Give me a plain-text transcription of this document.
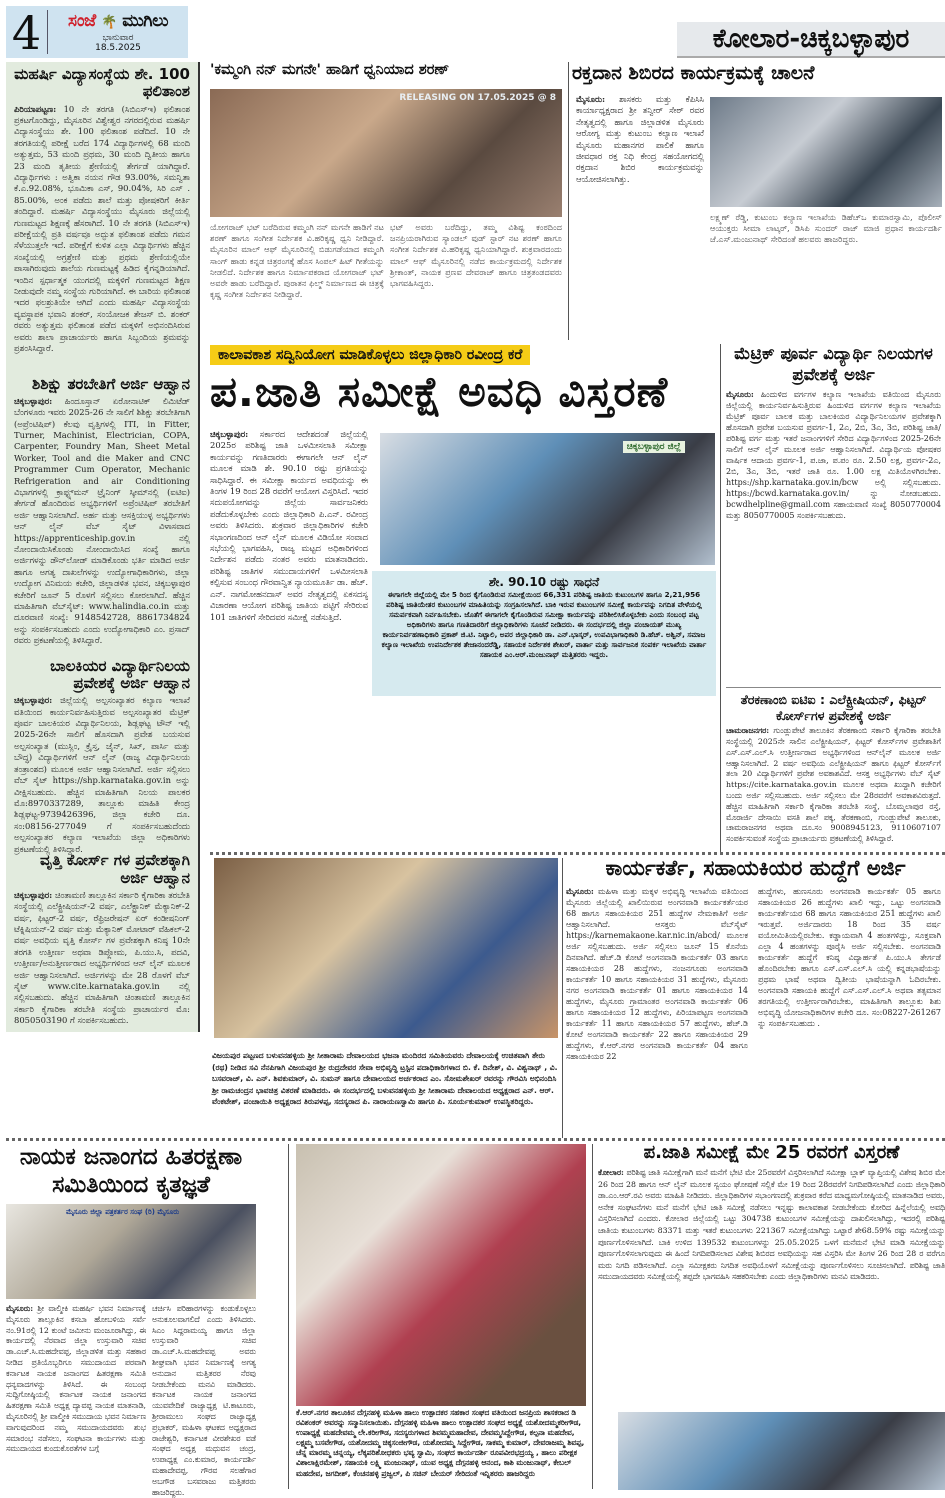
4	ಸಂಜೆ 🌴 ಮುಗಿಲು
ಭಾನುವಾರ
18.5.2025	ಕೋಲಾರ-ಚಿಕ್ಕಬಳ್ಳಾಪುರ
ಮಹರ್ಷಿ ವಿದ್ಯಾಸಂಸ್ಥೆಯ ಶೇ. 100 ಫಲಿತಾಂಶ
ಪಿರಿಯಾಪಟ್ಟಣ: 10 ನೇ ತರಗತಿ (ಸಿಬಿಎಸ್‌ಇ) ಫಲಿತಾಂಶ ಪ್ರಕಟಗೊಂಡಿದ್ದು, ಮೈಸೂರಿನ ವಿಶ್ವೇಶ್ವರ ನಗರದಲ್ಲಿರುವ ಮಹರ್ಷಿ ವಿದ್ಯಾಸಂಸ್ಥೆಯು ಶೇ. 100 ಫಲಿತಾಂಶ ಪಡೆದಿದೆ. 10 ನೇ ತರಗತಿಯಲ್ಲಿ ಪರೀಕ್ಷೆ ಬರೆದ 174 ವಿದ್ಯಾರ್ಥಿಗಳಲ್ಲಿ 68 ಮಂದಿ ಅತ್ಯುತ್ತಮ, 53 ಮಂದಿ ಪ್ರಥಮ, 30 ಮಂದಿ ದ್ವಿತೀಯ ಹಾಗೂ 23 ಮಂದಿ ತೃತೀಯ ಶ್ರೇಣಿಯಲ್ಲಿ ತೇರ್ಗಡೆ ಯಾಗಿದ್ದಾರೆ. ವಿದ್ಯಾರ್ಥಿಗಳು : ಅತ್ವಿಕಾ ನಯನ ಗೌಡ 93.00%, ಸಮನ್ವಿತಾ ಕೆ.ಎ.92.08%, ಭೂಮಿಕಾ ಎಸ್, 90.04%, ಸಿರಿ ಎಸ್ . 85.00%, ಅಂಕ ಪಡೆದು ಶಾಲೆ ಮತ್ತು ಪೋಷಕರಿಗೆ ಕೀರ್ತಿ ತಂದಿದ್ದಾರೆ. ಮಹರ್ಷಿ ವಿದ್ಯಾಸಂಸ್ಥೆಯು ಮೈಸೂರು ಜಿಲ್ಲೆಯಲ್ಲಿ ಗುಣಮಟ್ಟದ ಶಿಕ್ಷಣಕ್ಕೆ ಹೆಸರಾಗಿದೆ. 10 ನೇ ತರಗತಿ (ಸಿಬಿಎಸ್‌ಇ) ಪರೀಕ್ಷೆಯಲ್ಲಿ ಪ್ರತಿ ವರ್ಷವೂ ಅದ್ಭುತ ಫಲಿತಾಂಶ ಪಡೆದು ಗಮನ ಸೆಳೆಯುತ್ತಲೇ ಇದೆ. ಪರೀಕ್ಷೆಗೆ ಕುಳಿತ ಎಲ್ಲಾ ವಿದ್ಯಾರ್ಥಿಗಳು ಹೆಚ್ಚಿನ ಸಂಖ್ಯೆಯಲ್ಲಿ ಅಗ್ರಶ್ರೇಣಿ ಮತ್ತು ಪ್ರಥಮ ಶ್ರೇಣಿಯಲ್ಲಿಯೇ ಪಾಸಾಗಿರುವುದು ಶಾಲೆಯ ಗುಣಮಟ್ಟಕ್ಕೆ ಹಿಡಿದ ಕೈಗನ್ನಡಿಯಾಗಿದೆ. ಇಂದಿನ ಸ್ಪರ್ಧಾತ್ಮಕ ಯುಗದಲ್ಲಿ ಮಕ್ಕಳಿಗೆ ಗುಣಮಟ್ಟದ ಶಿಕ್ಷಣ ನೀಡುವುದೇ ನಮ್ಮ ಸಂಸ್ಥೆಯ ಗುರಿಯಾಗಿದೆ. ಈ ಬಾರಿಯ ಫಲಿತಾಂಶ ಇದರ ಫಲಶ್ರುತಿಯೇ ಆಗಿದೆ ಎಂದು ಮಹರ್ಷಿ ವಿದ್ಯಾಸಂಸ್ಥೆಯ ವ್ಯವಸ್ಥಾಪಕ ಭವಾನಿ ಶಂಕರ್, ಸಂಯೋಜಕ ತೇಜಸ್ ಬಿ. ಶಂಕರ್ ರವರು ಅತ್ಯುತ್ತಮ ಫಲಿತಾಂಶ ಪಡೆದ ಮಕ್ಕಳಿಗೆ ಅಭಿನಂದಿಸಿರುವ ಅವರು ಶಾಲಾ ಪ್ರಾಚಾರ್ಯರು ಹಾಗೂ ಸಿಬ್ಬಂದಿಯ ಶ್ರಮವನ್ನು ಪ್ರಶಂಸಿಸಿದ್ದಾರೆ.
ಶಿಶಿಕ್ಷು ತರಬೇತಿಗೆ ಅರ್ಜಿ ಆಹ್ವಾನ
ಚಿಕ್ಕಬಳ್ಳಾಪುರ: ಹಿಂದೂಸ್ತಾನ್ ಏರೋನಾಟಿಕ್ ಲಿಮಿಟೆಡ್ ಬೆಂಗಳೂರು ಇವರು 2025-26 ನೇ ಸಾಲಿಗೆ ಶಿಶಿಕ್ಷು ತರಬೇತಿಗಾಗಿ (ಅಪ್ರೆಂಟಿಷಿಪ್) ಕೆಲವು ವೃತ್ತಿಗಳಲ್ಲಿ ITI, in Fitter, Turner, Machinist, Electrician, COPA, Carpenter, Foundry Man, Sheet Metal Worker, Tool and die Maker and CNC Programmer Cum Operator, Mechanic Refrigeration and air Conditioning ವಿಭಾಗಗಳಲ್ಲಿ ಕ್ರಾಫ್ಟ್ಸ್‌ಮನ್ ಟ್ರೈನಿಂಗ್ ಸ್ಕೀಮ್‌ನಲ್ಲಿ (ಐಟಿಐ) ತೇರ್ಗಡೆ ಹೊಂದಿರುವ ಅಭ್ಯರ್ಥಿಗಳಿಗೆ ಅಪ್ರೆಂಟಿಷಿಪ್ ತರಬೇತಿಗೆ ಅರ್ಜಿ ಆಹ್ವಾನಿಸಲಾಗಿದೆ. ಅರ್ಹ ಮತ್ತು ಆಸಕ್ತಿಯುಳ್ಳ ಅಭ್ಯರ್ಥಿಗಳು ಆನ್ ಲೈನ್ ವೆಬ್ ಸೈಟ್ ವಿಳಾಸವಾದ https://apprenticeship.gov.in ನಲ್ಲಿ ನೋಂದಾಯಿಸಿಕೊಂಡು ನೋಂದಾಯಿಸಿದ ಸಂಖ್ಯೆ ಹಾಗೂ ಅರ್ಜಿಗಳನ್ನು ಡೌನ್‌ಲೋಡ್ ಮಾಡಿಕೊಂಡು ಭರ್ತಿ ಮಾಡಿದ ಅರ್ಜಿ ಹಾಗೂ ಅಗತ್ಯ ದಾಖಲೆಗಳನ್ನು ಉದ್ಯೋಗಾಧಿಕಾರಿಗಳು, ಜಿಲ್ಲಾ ಉದ್ಯೋಗ ವಿನಿಮಯ ಕಚೇರಿ, ಜಿಲ್ಲಾಡಳಿತ ಭವನ, ಚಿಕ್ಕಬಳ್ಳಾಪುರ ಕಚೇರಿಗೆ ಜೂನ್ 5 ರೊಳಗೆ ಸಲ್ಲಿಸಲು ಕೋರಲಾಗಿದೆ. ಹೆಚ್ಚಿನ ಮಾಹಿತಿಗಾಗಿ ವೆಬ್‌ಸೈಟ್: www.halindia.co.in ಮತ್ತು ದೂರವಾಣಿ ಸಂಖ್ಯೆ: 9148542728, 8861734824 ಅನ್ನು ಸಂಪರ್ಕಿಸಬಹುದು ಎಂದು ಉದ್ಯೋಗಾಧಿಕಾರಿ ಎಂ. ಪ್ರಸಾದ್ ರವರು ಪ್ರಕಟಣೆಯಲ್ಲಿ ತಿಳಿಸಿದ್ದಾರೆ.
ಬಾಲಕಿಯರ ವಿದ್ಯಾರ್ಥಿನಿಲಯ ಪ್ರವೇಶಕ್ಕೆ ಅರ್ಜಿ ಆಹ್ವಾನ
ಚಿಕ್ಕಬಳ್ಳಾಪುರ: ಜಿಲ್ಲೆಯಲ್ಲಿ ಅಲ್ಪಸಂಖ್ಯಾತರ ಕಲ್ಯಾಣ ಇಲಾಖೆ ವತಿಯಿಂದ ಕಾರ್ಯನಿರ್ವಹಿಸುತ್ತಿರುವ ಅಲ್ಪಸಂಖ್ಯಾತರ ಮೆಟ್ರಿಕ್ ಪೂರ್ವ ಬಾಲಕಿಯರ ವಿದ್ಯಾರ್ಥಿನಿಲಯ, ಶಿಡ್ಲಘಟ್ಟ ಟೌನ್ ಇಲ್ಲಿ 2025-26ನೇ ಸಾಲಿಗೆ ಹೊಸದಾಗಿ ಪ್ರವೇಶ ಬಯಸುವ ಅಲ್ಪಸಂಖ್ಯಾತ (ಮುಸ್ಲಿಂ, ಕ್ರೈಸ್ತ, ಜೈನ್, ಸಿಖ್, ಪಾರ್ಸಿ ಮತ್ತು ಬೌದ್ಧ) ವಿದ್ಯಾರ್ಥಿಗಳಿಗೆ ಆನ್ ಲೈನ್ (ರಾಜ್ಯ ವಿದ್ಯಾರ್ಥಿನಿಲಯ ತಂತ್ರಾಂಶದ) ಮೂಲಕ ಅರ್ಜಿ ಆಹ್ವಾನಿಸಲಾಗಿದೆ. ಅರ್ಜಿ ಸಲ್ಲಿಸಲು ವೆಬ್ ಸೈಟ್ https://shp.karnataka.gov.in ಅನ್ನು ವೀಕ್ಷಿಸಬಹುದು. ಹೆಚ್ಚಿನ ಮಾಹಿತಿಗಾಗಿ ನಿಲಯ ಪಾಲಕರ ಮೊ:8970337289, ತಾಲ್ಲೂಕು ಮಾಹಿತಿ ಕೇಂದ್ರ ಶಿಡ್ಲಘಟ್ಟ-9739426396, ಜಿಲ್ಲಾ ಕಚೇರಿ ದೂ. ಸಂ:08156-277049 ಗೆ ಸಂಪರ್ಕಿಸಬಹುದೆಂದು ಅಲ್ಪಸಂಖ್ಯಾತರ ಕಲ್ಯಾಣ ಇಲಾಖೆಯ ಜಿಲ್ಲಾ ಅಧಿಕಾರಿಗಳು ಪ್ರಕಟಣೆಯಲ್ಲಿ ತಿಳಿಸಿದ್ದಾರೆ.
ವೃತ್ತಿ ಕೋರ್ಸ್ ಗಳ ಪ್ರವೇಶಕ್ಕಾಗಿ ಅರ್ಜಿ ಆಹ್ವಾನ
ಚಿಕ್ಕಬಳ್ಳಾಪುರ: ಚಿಂತಾಮಣಿ ತಾಲ್ಲೂಕಿನ ಸರ್ಕಾರಿ ಕೈಗಾರಿಕಾ ತರಬೇತಿ ಸಂಸ್ಥೆಯಲ್ಲಿ ಎಲೆಕ್ಟ್ರೀಷಿಯನ್-2 ವರ್ಷ, ಎಲೆಕ್ಟ್ರಾನಿಕ್ ಮೆಕ್ಯಾನಿಕ್-2 ವರ್ಷ, ಫಿಟ್ಟರ್-2 ವರ್ಷ, ರೆಫ್ರಿಜರೇಷನ್ ಏರ್ ಕಂಡೀಷನಿಂಗ್ ಟೆಕ್ನಿಷಿಯನ್-2 ವರ್ಷ ಮತ್ತು ಮೆಕ್ಯಾನಿಕ್ ಮೋಟಾರ್ ವೆಹಿಕಲ್-2 ವರ್ಷ ಅವಧಿಯ ವೃತ್ತಿ ಕೋರ್ಸ್ ಗಳ ಪ್ರವೇಶಕ್ಕಾಗಿ ಕನಿಷ್ಠ 10ನೇ ತರಗತಿ ಉತ್ತೀರ್ಣ ಅಥವಾ ಡಿಪ್ಲೋಮ, ಪಿ.ಯು.ಸಿ, ಪದವಿ, ಉತ್ತೀರ್ಣ/ಅನುತ್ತೀರ್ಣರಾದ ಅಭ್ಯರ್ಥಿಗಳಿಂದ ಆನ್ ಲೈನ್ ಮೂಲಕ ಅರ್ಜಿ ಆಹ್ವಾನಿಸಲಾಗಿದೆ. ಅರ್ಜಿಗಳನ್ನು ಮೇ 28 ರೊಳಗೆ ವೆಬ್ ಸೈಟ್ www.cite.karnataka.gov.in ನಲ್ಲಿ ಸಲ್ಲಿಸಬಹುದು. ಹೆಚ್ಚಿನ ಮಾಹಿತಿಗಾಗಿ ಚಿಂತಾಮಣಿ ತಾಲ್ಲೂಕಿನ ಸರ್ಕಾರಿ ಕೈಗಾರಿಕಾ ತರಬೇತಿ ಸಂಸ್ಥೆಯ ಪ್ರಾಚಾರ್ಯರ ಮೊ: 8050503190 ಗೆ ಸಂಪರ್ಕಿಸಬಹುದು.
'ಕಮ್ಮಂಗಿ ನನ್ ಮಗನೇ' ಹಾಡಿಗೆ ಧ್ವನಿಯಾದ ಶರಣ್
RELEASING ON 17.05.2025 @ 8
ಯೋಗರಾಜ್ ಭಟ್ ಬರೆದಿರುವ ಕಮ್ಮಂಗಿ ನನ್ ಮಗನೇ ಹಾಡಿಗೆ ನಟ ಶರಣ್ ಹಾಗೂ ಸಂಗೀತ ನಿರ್ದೇಶಕ ವಿ.ಹರಿಕೃಷ್ಣ ಧ್ವನಿ ನೀಡಿದ್ದಾರೆ. ಮೈಸೂರಿನ ಮಾಲ್ ಆಫ್ ಮೈಸೂರಿನಲ್ಲಿ ಬಿಡುಗಡೆಯಾದ ಕಮ್ಮಂಗಿ ಸಾಂಗ್ ಹಾಡು ಕನ್ನಡ ಚಿತ್ರರಂಗಕ್ಕೆ ಹೊಸ ಸಿಂಪಲ್ ಹಿಟ್ ಗೀತೆಯನ್ನು ನೀಡಲಿದೆ. ನಿರ್ದೇಶಕ ಹಾಗೂ ನಿರ್ಮಾಪಕರಾದ ಯೋಗರಾಜ್ ಭಟ್ ಅವರೇ ಹಾಡು ಬರೆದಿದ್ದಾರೆ. ಪುರಾತನ ಫಿಲ್ಮ್ ನಿರ್ಮಾಣದ ಈ ಚಿತ್ರಕ್ಕೆ ಕೃಷ್ಣ ಸಂಗೀತ ನಿರ್ದೇಶನ ನೀಡಿದ್ದಾರೆ.
ಭಟ್ ಅವರು ಬರೆದಿದ್ದು, ತಮ್ಮ ವಿಶಿಷ್ಟ ಕಂಠದಿಂದ ಜನಪ್ರಿಯರಾಗಿರುವ ಸ್ಯಾಂಡಲ್ ವುಡ್ ಸ್ಟಾರ್ ನಟ ಶರಣ್ ಹಾಗೂ ಸಂಗೀತ ನಿರ್ದೇಶಕ ವಿ.ಹರಿಕೃಷ್ಣ ಧ್ವನಿಯಾಗಿದ್ದಾರೆ. ಶುಕ್ರವಾರದಂದು ಮಾಲ್ ಆಫ್ ಮೈಸೂರಿನಲ್ಲಿ ನಡೆದ ಕಾರ್ಯಕ್ರಮದಲ್ಲಿ ನಿರ್ದೇಶಕ ಶ್ರೀಕಾಂತ್, ನಾಯಕ ಪ್ರಣವ ದೇವರಾಜ್ ಹಾಗೂ ಚಿತ್ರತಂಡದವರು ಭಾಗವಹಿಸಿದ್ದರು.
ರಕ್ತದಾನ ಶಿಬಿರದ ಕಾರ್ಯಕ್ರಮಕ್ಕೆ ಚಾಲನೆ
ಮೈಸೂರು: ಶಾಸಕರು ಮತ್ತು ಕೆಪಿಸಿಸಿ ಕಾರ್ಯಾಧ್ಯಕ್ಷರಾದ ಶ್ರೀ ತನ್ವೀರ್ ಸೇಠ್ ರವರ ನೇತೃತ್ವದಲ್ಲಿ ಹಾಗೂ ಜಿಲ್ಲಾಡಳಿತ ಮೈಸೂರು ಆರೋಗ್ಯ ಮತ್ತು ಕುಟುಂಬ ಕಲ್ಯಾಣ ಇಲಾಖೆ ಮೈಸೂರು ಮಹಾನಗರ ಪಾಲಿಕೆ ಹಾಗೂ ಜೀವಧಾರ ರಕ್ತ ನಿಧಿ ಕೇಂದ್ರ ಸಹಯೋಗದಲ್ಲಿ ರಕ್ತದಾನ ಶಿಬಿರ ಕಾರ್ಯಕ್ರಮವನ್ನು ಆಯೋಜಿಸಲಾಗಿತ್ತು.
ಲಕ್ಷ್ಮಣ್ ರೆಡ್ಡಿ, ಕುಟುಂಬ ಕಲ್ಯಾಣ ಇಲಾಖೆಯ ಡಿಹೆಚ್‌ಒ ಕುಮಾರಸ್ವಾಮಿ, ಪೊಲೀಸ್ ಆಯುಕ್ತರು ಸೀಮಾ ಲಾಟ್ಕರ್, ಡಿಸಿಪಿ ಸುಂದರ್ ರಾಜ್ ಮಾಜಿ ಪ್ರಧಾನ ಕಾರ್ಯದರ್ಶಿ ಜೆ.ಎಸ್.ಮಂಜುನಾಥ್ ಸೇರಿದಂತೆ ಹಲವರು ಹಾಜರಿದ್ದರು.
ಕಾಲಾವಕಾಶ ಸದ್ವಿನಿಯೋಗ ಮಾಡಿಕೊಳ್ಳಲು ಜಿಲ್ಲಾಧಿಕಾರಿ ರವೀಂದ್ರ ಕರೆ
ಪ.ಜಾತಿ ಸಮೀಕ್ಷೆ ಅವಧಿ ವಿಸ್ತರಣೆ
ಚಿಕ್ಕಬಳ್ಳಾಪುರ: ಸರ್ಕಾರದ ಆದೇಶದಂತೆ ಜಿಲ್ಲೆಯಲ್ಲಿ 2025ರ ಪರಿಶಿಷ್ಟ ಜಾತಿ ಒಳಮೀಸಲಾತಿ ಸಮೀಕ್ಷಾ ಕಾರ್ಯವನ್ನು ಗಣತಿದಾರರು ಈಗಾಗಲೇ ಆನ್ ಲೈನ್ ಮೂಲಕ ಮಾಡಿ ಶೇ. 90.10 ರಷ್ಟು ಪ್ರಗತಿಯನ್ನು ಸಾಧಿಸಿದ್ದಾರೆ. ಈ ಸಮೀಕ್ಷಾ ಕಾರ್ಯದ ಅವಧಿಯನ್ನು ಈ ತಿಂಗಳ 19 ರಿಂದ 28 ರವರೆಗೆ ಆಯೋಗ ವಿಸ್ತರಿಸಿದೆ. ಇದರ ಸದುಪಯೋಗವನ್ನು ಜಿಲ್ಲೆಯ ಸಾರ್ವಜನಿಕರು ಪಡೆದುಕೊಳ್ಳಬೇಕು ಎಂದು ಜಿಲ್ಲಾಧಿಕಾರಿ ಪಿ.ಎನ್. ರವೀಂದ್ರ ಅವರು ತಿಳಿಸಿದರು. ಶುಕ್ರವಾರ ಜಿಲ್ಲಾಧಿಕಾರಿಗಳ ಕಚೇರಿ ಸಭಾಂಗಣದಿಂದ ಆನ್ ಲೈನ್ ಮೂಲಕ ವಿಡಿಯೋ ಸಂವಾದ ಸಭೆಯಲ್ಲಿ ಭಾಗವಹಿಸಿ, ರಾಜ್ಯ ಮಟ್ಟದ ಅಧಿಕಾರಿಗಳಿಂದ ನಿರ್ದೇಶನ ಪಡೆದು ನಂತರ ಅವರು ಮಾತನಾಡಿದರು. ಪರಿಶಿಷ್ಟ ಜಾತಿಗಳ ಸಮುದಾಯಗಳಿಗೆ ಒಳಮೀಸಲಾತಿ ಕಲ್ಪಿಸುವ ಸಂಬಂಧ ಗೌರವಾನ್ವಿತ ನ್ಯಾಯಮೂರ್ತಿ ಡಾ. ಹೆಚ್. ಎನ್. ನಾಗಮೋಹನದಾಸ್ ಅವರ ನೇತೃತ್ವದಲ್ಲಿ ಏಕಸದಸ್ಯ ವಿಚಾರಣಾ ಆಯೋಗ ಪರಿಶಿಷ್ಟ ಜಾತಿಯ ಪಟ್ಟಿಗೆ ಸೇರಿರುವ 101 ಜಾತಿಗಳಿಗೆ ಸೇರಿದವರ ಸಮೀಕ್ಷೆ ನಡೆಸುತ್ತಿದೆ.
ಚಿಕ್ಕಬಳ್ಳಾಪುರ ಜಿಲ್ಲೆ
ಶೇ. 90.10 ರಷ್ಟು ಸಾಧನೆ
ಈಗಾಗಲೇ ಜಿಲ್ಲೆಯಲ್ಲಿ ಮೇ 5 ರಿಂದ ಕೈಗೊಂಡಿರುವ ಸಮೀಕ್ಷೆಯಿಂದ 66,331 ಪರಿಶಿಷ್ಟ ಜಾತಿಯ ಕುಟುಂಬಗಳ ಹಾಗೂ 2,21,956 ಪರಿಶಿಷ್ಟ ಜಾತಿಯೇತರ ಕುಟುಂಬಗಳ ಮಾಹಿತಿಯನ್ನು ಸಂಗ್ರಹಿಸಲಾಗಿದೆ. ಬಾಕಿ ಇರುವ ಕುಟುಂಬಗಳ ಸಮೀಕ್ಷೆ ಕಾರ್ಯವನ್ನು ನಿಗದಿತ ವೇಳೆಯಲ್ಲಿ ಸಮರ್ಪಕವಾಗಿ ನಿರ್ವಹಿಸಬೇಕು. ಜೊತೆಗೆ ಈಗಾಗಲೇ ಕೈಗೊಂಡಿರುವ ಸಮೀಕ್ಷಾ ಕಾರ್ಯವನ್ನು ಪರಿಶೀಲಿಸಿಕೊಳ್ಳಬೇಕು ಎಂದು ಸಂಬಂಧ ಪಟ್ಟ ಅಧಿಕಾರಿಗಳು ಹಾಗೂ ಗಣತಿದಾರರಿಗೆ ಜಿಲ್ಲಾಧಿಕಾರಿಗಳು ಸೂಚನೆ ನೀಡಿದರು. ಈ ಸಂದರ್ಭದಲ್ಲಿ ಜಿಲ್ಲಾ ಪಂಚಾಯತ್ ಮುಖ್ಯ ಕಾರ್ಯನಿರ್ವಹಣಾಧಿಕಾರಿ ಪ್ರಕಾಶ್ ಜಿ.ಟಿ. ನಿಟ್ಟಾಲಿ, ಅಪರ ಜಿಲ್ಲಾಧಿಕಾರಿ ಡಾ. ಎನ್.ಭಾಸ್ಕರ್, ಉಪವಿಭಾಗಾಧಿಕಾರಿ ಡಿ.ಹೆಚ್. ಅಶ್ವಿನ್, ಸಮಾಜ ಕಲ್ಯಾಣ ಇಲಾಖೆಯ ಉಪನಿರ್ದೇಶಕ ತೇಜಾನಂದರೆಡ್ಡಿ, ಸಹಾಯಕ ನಿರ್ದೇಶಕ ಶೇಖರ್, ವಾರ್ತಾ ಮತ್ತು ಸಾರ್ವಜನಿಕ ಸಂಪರ್ಕ ಇಲಾಖೆಯ ವಾರ್ತಾ ಸಹಾಯಕ ಎಂ.ಆರ್.ಮಂಜುನಾಥ್ ಮತ್ತಿತರರು ಇದ್ದರು.
ಮೆಟ್ರಿಕ್ ಪೂರ್ವ ವಿದ್ಯಾರ್ಥಿ ನಿಲಯಗಳ ಪ್ರವೇಶಕ್ಕೆ ಅರ್ಜಿ
ಮೈಸೂರು: ಹಿಂದುಳಿದ ವರ್ಗಗಳ ಕಲ್ಯಾಣ ಇಲಾಖೆಯ ವತಿಯಿಂದ ಮೈಸೂರು ಜಿಲ್ಲೆಯಲ್ಲಿ ಕಾರ್ಯನಿರ್ವಹಿಸುತ್ತಿರುವ ಹಿಂದುಳಿದ ವರ್ಗಗಳ ಕಲ್ಯಾಣ ಇಲಾಖೆಯ ಮೆಟ್ರಿಕ್ ಪೂರ್ವ ಬಾಲಕ ಮತ್ತು ಬಾಲಕಿಯರ ವಿದ್ಯಾರ್ಥಿನಿಲಯಗಳ ಪ್ರವೇಶಕ್ಕಾಗಿ ಹೊಸದಾಗಿ ಪ್ರವೇಶ ಬಯಸುವ ಪ್ರವರ್ಗ-1, 2ಎ, 2ಬಿ, 3ಎ, 3ಬಿ, ಪರಿಶಿಷ್ಟ ಜಾತಿ/ಪರಿಶಿಷ್ಟ ವರ್ಗ ಮತ್ತು ಇತರೆ ಜನಾಂಗಗಳಿಗೆ ಸೇರಿದ ವಿದ್ಯಾರ್ಥಿಗಳಿಂದ 2025-26ನೇ ಸಾಲಿಗೆ ಆನ್ ಲೈನ್ ಮೂಲಕ ಅರ್ಜಿ ಆಹ್ವಾನಿಸಲಾಗಿದೆ. ವಿದ್ಯಾರ್ಥಿಯ ಪೋಷಕರ ವಾರ್ಷಿಕ ಆದಾಯ ಪ್ರವರ್ಗ-1, ಪ.ಜಾ, ಪ.ಪಂ ರೂ. 2.50 ಲಕ್ಷ, ಪ್ರವರ್ಗ-2ಎ, 2ಬಿ, 3ಎ, 3ಬಿ, ಇತರೆ ಜಾತಿ ರೂ. 1.00 ಲಕ್ಷ ಮಿತಿಯೊಳಗಿರಬೇಕು. https://shp.karnataka.gov.in/bcw ಅಲ್ಲಿ ಸಲ್ಲಿಸಬಹುದು. https://bcwd.karnataka.gov.in/ ನ್ನು ನೋಡಬಹುದು. bcwdhelpline@gmail.com ಸಹಾಯವಾಣಿ ಸಂಖ್ಯೆ 8050770004 ಮತ್ತು 8050770005 ಸಂಪರ್ಕಿಸಬಹುದು.
ತೆರಕಣಾಂಬಿ ಐಟಿಐ : ಎಲೆಕ್ಟ್ರೀಷಿಯನ್, ಫಿಟ್ಟರ್ ಕೋರ್ಸ್‌ಗಳ ಪ್ರವೇಶಕ್ಕೆ ಅರ್ಜಿ
ಚಾಮರಾಜನಗರ: ಗುಂಡ್ಲುಪೇಟೆ ತಾಲೂಕಿನ ತೆರಕಣಾಂಬಿ ಸರ್ಕಾರಿ ಕೈಗಾರಿಕಾ ತರಬೇತಿ ಸಂಸ್ಥೆಯಲ್ಲಿ 2025ನೇ ಸಾಲಿನ ಎಲೆಕ್ಟ್ರೀಷಿಯನ್, ಫಿಟ್ಟರ್ ಕೋರ್ಸ್‌ಗಳ ಪ್ರವೇಶಾತಿಗೆ ಎಸ್.ಎಸ್.ಎಲ್.ಸಿ ಉತ್ತೀರ್ಣರಾದ ಅಭ್ಯರ್ಥಿಗಳಿಂದ ಆನ್‌ಲೈನ್ ಮೂಲಕ ಅರ್ಜಿ ಆಹ್ವಾನಿಸಲಾಗಿದೆ. 2 ವರ್ಷ ಅವಧಿಯ ಎಲೆಕ್ಟ್ರೀಷಿಯನ್ ಹಾಗೂ ಫಿಟ್ಟರ್ ಕೋರ್ಸ್‌ಗೆ ತಲಾ 20 ವಿದ್ಯಾರ್ಥಿಗಳಿಗೆ ಪ್ರವೇಶ ಅವಕಾಶವಿದೆ. ಆಸಕ್ತ ಅಭ್ಯರ್ಥಿಗಳು ವೆಬ್ ಸೈಟ್ https://cite.karnataka.gov.in ಮೂಲಕ ಅಥವಾ ಖುದ್ದಾಗಿ ಕಚೇರಿಗೆ ಬಂದು ಅರ್ಜಿ ಸಲ್ಲಿಸಬಹುದು. ಅರ್ಜಿ ಸಲ್ಲಿಸಲು ಮೇ 28ರವರೆಗೆ ಅವಕಾಶವಿರುತ್ತದೆ. ಹೆಚ್ಚಿನ ಮಾಹಿತಿಗಾಗಿ ಸರ್ಕಾರಿ ಕೈಗಾರಿಕಾ ತರಬೇತಿ ಸಂಸ್ಥೆ, ಬೊಮ್ಮಲಾಪುರ ರಸ್ತೆ, ಮೊರಾರ್ಜಿ ದೇಸಾಯಿ ವಸತಿ ಶಾಲೆ ಪಕ್ಕ, ತೆರಕಣಾಂಬಿ, ಗುಂಡ್ಲುಪೇಟೆ ತಾಲೂಕು, ಚಾಮರಾಜನಗರ ಅಥವಾ ದೂ.ಸಂ 9008945123, 9110607107 ಸಂಪರ್ಕಿಸುವಂತೆ ಸಂಸ್ಥೆಯ ಪ್ರಾಚಾರ್ಯರು ಪ್ರಕಟಣೆಯಲ್ಲಿ ತಿಳಿಸಿದ್ದಾರೆ.
ವಿಜಯಪುರ ಪಟ್ಟಣದ ಬಳುವನಹಳ್ಳಿಯ ಶ್ರೀ ಸೀತಾರಾಮ ದೇವಾಲಯದ ಭಜನಾ ಮಂದಿರದ ಸಮಿತಿಯವರು ದೇವಾಲಯಕ್ಕೆ ಉಚಿತವಾಗಿ ತೇರು (ರಥ) ನೀಡಿದ ಸವಿ ನೆನಪಿಗಾಗಿ ವಿಜಯಪುರ ಶ್ರೀ ರುದ್ರದೇವರ ಸೇವಾ ಅಭಿವೃದ್ಧಿ ಟ್ರಸ್ಟಿನ ಪದಾಧಿಕಾರಿಗಳಾದ ಬಿ. ಕೆ. ದಿನೇಶ್, ವಿ. ವಿಶ್ವನಾಥ್ , ವಿ. ಬಸವರಾಜ್, ವಿ. ಎನ್. ಶಿವಕುಮಾರ್, ವಿ. ಸುಮನ್ ಹಾಗೂ ದೇವಾಲಯದ ಅರ್ಚಕರಾದ ಎಂ. ಸೋಮಶೇಖರ್ ರವರನ್ನು ಗೌರವಿಸಿ ಅಭಿನಂದಿಸಿ ಶ್ರೀ ರಾಮಚಂದ್ರನ ಭಾವಚಿತ್ರ ವಿತರಣೆ ಮಾಡಿದರು. ಈ ಸಂದರ್ಭದಲ್ಲಿ ಬಳುವನಹಳ್ಳಿಯ ಶ್ರೀ ಸೀತಾರಾಮ ದೇವಾಲಯದ ಅಧ್ಯಕ್ಷರಾದ ಎನ್. ಆರ್. ವೆಂಕಟೇಶ್, ಪಂಚಾಯಿತಿ ಅಧ್ಯಕ್ಷರಾದ ತಿರುಪಳಪ್ಪ, ಸದಸ್ಯರಾದ ಪಿ. ನಾರಾಯಣಸ್ವಾಮಿ ಹಾಗೂ ಪಿ. ಸೂರ್ಯಕುಮಾರ್ ಉಪಸ್ಥಿತರಿದ್ದರು.
ಕಾರ್ಯಕರ್ತೆ, ಸಹಾಯಕಿಯರ ಹುದ್ದೆಗೆ ಅರ್ಜಿ
ಮೈಸೂರು: ಮಹಿಳಾ ಮತ್ತು ಮಕ್ಕಳ ಅಭಿವೃದ್ಧಿ ಇಲಾಖೆಯ ವತಿಯಿಂದ ಮೈಸೂರು ಜಿಲ್ಲೆಯಲ್ಲಿ ಖಾಲಿಯಿರುವ ಅಂಗನವಾಡಿ ಕಾರ್ಯಕರ್ತೆಯರ 68 ಹಾಗೂ ಸಹಾಯಕಿಯರ 251 ಹುದ್ದೆಗಳ ನೇಮಕಾತಿಗೆ ಅರ್ಜಿ ಆಹ್ವಾನಿಸಲಾಗಿದೆ. ಆಸಕ್ತರು ವೆಬ್‌ಸೈಟ್ https://karnemakaone.kar.nic.in/abcd/ ಮೂಲಕ ಅರ್ಜಿ ಸಲ್ಲಿಸಬಹುದು. ಅರ್ಜಿ ಸಲ್ಲಿಸಲು ಜೂನ್ 15 ಕೊನೆಯ ದಿನವಾಗಿದೆ. ಹೆಚ್.ಡಿ ಕೋಟೆ ಅಂಗನವಾಡಿ ಕಾರ್ಯಕರ್ತೆ 03 ಹಾಗೂ ಸಹಾಯಕಿಯರ 28 ಹುದ್ದೆಗಳು, ನಂಜನಗೂಡು ಅಂಗನವಾಡಿ ಕಾರ್ಯಕರ್ತೆ 10 ಹಾಗೂ ಸಹಾಯಕಿಯರ 31 ಹುದ್ದೆಗಳು, ಮೈಸೂರು ನಗರ ಅಂಗನವಾಡಿ ಕಾರ್ಯಕರ್ತೆ 01 ಹಾಗೂ ಸಹಾಯಕಿಯರ 14 ಹುದ್ದೆಗಳು, ಮೈಸೂರು ಗ್ರಾಮಾಂತರ ಅಂಗನವಾಡಿ ಕಾರ್ಯಕರ್ತೆ 06 ಹಾಗೂ ಸಹಾಯಕಿಯರ 12 ಹುದ್ದೆಗಳು, ಪಿರಿಯಾಪಟ್ಟಣ ಅಂಗನವಾಡಿ ಕಾರ್ಯಕರ್ತೆ 11 ಹಾಗೂ ಸಹಾಯಕಿಯರ 57 ಹುದ್ದೆಗಳು, ಹೆಚ್.ಡಿ ಕೋಟೆ ಅಂಗನವಾಡಿ ಕಾರ್ಯಕರ್ತೆ 22 ಹಾಗೂ ಸಹಾಯಕಿಯರ 29 ಹುದ್ದೆಗಳು, ಕೆ.ಆರ್.ನಗರ ಅಂಗನವಾಡಿ ಕಾರ್ಯಕರ್ತೆ 04 ಹಾಗೂ ಸಹಾಯಕಿಯರ 22
ಹುದ್ದೆಗಳು, ಹುಣಸೂರು ಅಂಗನವಾಡಿ ಕಾರ್ಯಕರ್ತೆ 05 ಹಾಗೂ ಸಹಾಯಕಿಯರ 26 ಹುದ್ದೆಗಳು ಖಾಲಿ ಇದ್ದು, ಒಟ್ಟು ಅಂಗನವಾಡಿ ಕಾರ್ಯಕರ್ತೆಯರ 68 ಹಾಗೂ ಸಹಾಯಕಿಯರ 251 ಹುದ್ದೆಗಳು ಖಾಲಿ ಇರುತ್ತವೆ. ಅರ್ಜಿದಾರರು 18 ರಿಂದ 35 ವರ್ಷ ವಯೋಮಿತಿಯಲ್ಲಿರಬೇಕು. ಕಡ್ಡಾಯವಾಗಿ 4 ಹಂತಗಳಿದ್ದು, ಸೂಕ್ತವಾಗಿ ಎಲ್ಲಾ 4 ಹಂತಗಳನ್ನು ಪೂರೈಸಿ ಅರ್ಜಿ ಸಲ್ಲಿಸಬೇಕು. ಅಂಗನವಾಡಿ ಕಾರ್ಯಕರ್ತೆ ಹುದ್ದೆಗೆ ಕನಿಷ್ಠ ವಿದ್ಯಾರ್ಹತೆ ಪಿ.ಯು.ಸಿ ತೇರ್ಗಡೆ ಹೊಂದಿರಬೇಕು ಹಾಗೂ ಎಸ್.ಎಸ್.ಎಲ್.ಸಿ ಯಲ್ಲಿ ಕನ್ನಡಭಾಷೆಯನ್ನು ಪ್ರಥಮ ಭಾಷೆ ಅಥವಾ ದ್ವಿತೀಯ ಭಾಷೆಯನ್ನಾಗಿ ಓದಿರಬೇಕು. ಅಂಗನವಾಡಿ ಸಹಾಯಕಿ ಹುದ್ದೆಗೆ ಎಸ್.ಎಸ್.ಎಲ್.ಸಿ ಅಥವಾ ತತ್ಸಮಾನ ತರಗತಿಯಲ್ಲಿ ಉತ್ತೀರ್ಣರಾಗಿರಬೇಕು, ಮಾಹಿತಿಗಾಗಿ ತಾಲ್ಲೂಕು ಶಿಶು ಅಭಿವೃದ್ಧಿ ಯೋಜನಾಧಿಕಾರಿಗಳ ಕಚೇರಿ ದೂ. ಸಂ:08227-261267 ನ್ನು ಸಂಪರ್ಕಿಸಬಹುದು .
ನಾಯಕ ಜನಾಂಗದ ಹಿತರಕ್ಷಣಾ ಸಮಿತಿಯಿಂದ ಕೃತಜ್ಞತೆ
ಮೈಸೂರು ಜಿಲ್ಲಾ ಪತ್ರಕರ್ತರ ಸಂಘ (ರಿ) ಮೈಸೂರು
ಮೈಸೂರು: ಶ್ರೀ ವಾಲ್ಮೀಕಿ ಮಹರ್ಷಿ ಭವನ ನಿರ್ಮಾಣಕ್ಕೆ ಮೈಸೂರು ತಾಲ್ಲೂಕಿನ ಕಸಬಾ ಹೋಬಳಿಯ ಸರ್ವೆ ನಂ.91ರಲ್ಲಿ 12 ಕುಂಟೆ ಜಮೀನು ಮಂಜೂರಾಗಿದ್ದು, ಈ ಕಾರ್ಯದಲ್ಲಿ ನೆರವಾದ ಜಿಲ್ಲಾ ಉಸ್ತುವಾರಿ ಸಚಿವ ಡಾ.ಎಚ್.ಸಿ.ಮಹದೇವಪ್ಪ, ಜಿಲ್ಲಾಡಳಿತ ಮತ್ತು ಸಹಕಾರ ನೀಡಿದ ಪ್ರತಿಯೊಬ್ಬರಿಗೂ ಸಮುದಾಯದ ಪರವಾಗಿ ಕರ್ನಾಟಕ ನಾಯಕ ಜನಾಂಗದ ಹಿತರಕ್ಷಣಾ ಸಮಿತಿ ಧನ್ಯವಾದಗಳನ್ನು ತಿಳಿಸಿದೆ. ಈ ಸಂಬಂಧ ಸುದ್ದಿಗೋಷ್ಠಿಯಲ್ಲಿ ಕರ್ನಾಟಕ ನಾಯಕ ಜನಾಂಗದ ಹಿತರಕ್ಷಣಾ ಸಮಿತಿ ಅಧ್ಯಕ್ಷ ದ್ಯಾವಪ್ಪ ನಾಯಕ ಮಾತನಾಡಿ, ಮೈಸೂರಿನಲ್ಲಿ ಶ್ರೀ ವಾಲ್ಮೀಕಿ ಸಮುದಾಯ ಭವನ ನಿರ್ಮಾಣ ವಾಗುವುದರಿಂದ ನಮ್ಮ ಸಮುದಾಯದವರು ಶುಭ ಸಮಾರಂಭ ನಡೆಸಲು, ಸಂಘಟನಾ ಕಾರ್ಯಗಳು ಮತ್ತು ಸಮುದಾಯದ ಕುಂದುಕೊರತೆಗಳ ಬಗ್ಗೆ
ಚರ್ಚಿಸಿ ಪರಿಹಾರಗಳನ್ನು ಕಂಡುಕೊಳ್ಳಲು ಅನುಕೂಲವಾಗಲಿದೆ ಎಂದು ತಿಳಿಸಿದರು. ಸಿಎಂ ಸಿದ್ದರಾಮಯ್ಯ ಹಾಗೂ ಜಿಲ್ಲಾ ಉಸ್ತುವಾರಿ ಸಚಿವ ಡಾ.ಎಚ್.ಸಿ.ಮಹದೇವಪ್ಪ ಅವರು ಶೀಘ್ರವಾಗಿ ಭವನ ನಿರ್ಮಾಣಕ್ಕೆ ಅಗತ್ಯ ಅನುದಾನ ಮತ್ತಿತರರ ನೆರವು ನೀಡಬೇಕೆಂದು ಮನವಿ ಮಾಡಿದರು. ಕರ್ನಾಟಕ ನಾಯಕ ಜನಾಂಗದ ಯುವವೇದಿಕೆ ರಾಜ್ಯಾಧ್ಯಕ್ಷ ಟಿ.ಕಾಟೂರು, ಶ್ರೀರಾಮುಲು ಸಂಘದ ರಾಜ್ಯಾಧ್ಯಕ್ಷ ಪ್ರಭಾಕರ್, ಮಹಿಳಾ ಘಟಕದ ಅಧ್ಯಕ್ಷರಾದ ರಾಜೇಶ್ವರಿ, ಕರ್ನಾಟಕ ವೀರಶೇಖರ ವಡೆ ಸಂಘದ ಅಧ್ಯಕ್ಷ ಮಧುವನ ಚಂದ್ರ, ಉಪಾಧ್ಯಕ್ಷ ಎಂ.ಕುಮಾರ, ಕಾರ್ಯದರ್ಶಿ ಮಹಾದೇವಪ್ಪ, ಗೌರವ ಸಲಹೆಗಾರ ಅಬಗೌಡ ಬಸವರಾಜು ಮತ್ತಿತರರು ಹಾಜರಿದ್ದರು.
ಕೆ.ಆರ್.ನಗರ ತಾಲೂಕಿನ ದೆಗ್ಗನಹಳ್ಳಿ ಮಹಿಳಾ ಹಾಲು ಉತ್ಪಾದಕರ ಸಹಕಾರ ಸಂಘದ ವತಿಯಿಂದ ಜನಪ್ರಿಯ ಶಾಸಕರಾದ ಡಿ ರವಿಶಂಕರ್ ಅವರನ್ನು ಸನ್ಮಾನಿಸಲಾಯಿತು. ದೆಗ್ಗನಹಳ್ಳಿ ಮಹಿಳಾ ಹಾಲು ಉತ್ಪಾದಕರ ಸಂಘದ ಅಧ್ಯಕ್ಷೆ ಯಶೋದಮ್ಮಕರೀಗೌಡ, ಉಪಾಧ್ಯಕ್ಷೆ ಮಹದೇವಮ್ಮ ಲೇ.ಕರೀಗೌಡ, ಸದಸ್ಯರುಗಳಾದ ಶಿವಮ್ಮಮಹಾದೇವ, ದೇವಮ್ಮಸಿದ್ದೇಗೌಡ, ಕಲ್ಪನಾ ಮಹದೇವ, ಲಕ್ಷ್ಮಮ್ಮ ಬಸವೇಗೌಡ, ಯಶೋದಮ್ಮ ಚಿಕ್ಕಸಂಜೀಗೌಡ, ಯಶೋದಮ್ಮ ಸಿದ್ದೇಗೌಡ, ಸಾಕಮ್ಮ ಕುಮಾರ್, ದೇವರಾಜಮ್ಮ ಶಿವಪ್ಪ, ಚೆನ್ನ ಮಾರಮ್ಮ ಚನ್ನಯ್ಯ, ಲೆಕ್ಕಪರಿಶೋಧಕರು ಭವ್ಯ ಸ್ವಾಮಿ, ಸಂಘದ ಕಾರ್ಯದರ್ಶಿ ರೂಪವೀರಭದ್ರಯ್ಯ , ಹಾಲು ಪರೀಕ್ಷಕ ವಿಶಾಲಾಕ್ಷಿರಮೇಶ್, ಸಹಾಯಕಿ ಲಕ್ಷ್ಮಿ ಮಂಜುನಾಥ್, ಯುವ ಅಧ್ಯಕ್ಷ ದೆಗ್ಗನಹಳ್ಳಿ ಆನಂದ, ಕಾಶಿ ಮಂಜುನಾಥ್, ಕೇಬಲ್ ಮಹದೇವ, ಜಗದೀಶ್, ಕೆಂಚನಹಳ್ಳಿ ಪ್ರಜ್ವಲ್, ಪಿ ಸಚಿನ್ ಬೇಯರ್ ಸೇರಿದಂತೆ ಇನ್ನಿತರರು ಹಾಜರಿದ್ದರು
ಪ.ಜಾತಿ ಸಮೀಕ್ಷೆ ಮೇ 25 ರವರಗೆ ವಿಸ್ತರಣೆ
ಕೋಲಾರ: ಪರಿಶಿಷ್ಟ ಜಾತಿ ಸಮೀಕ್ಷೆಗಾಗಿ ಮನೆ ಮನೆಗೆ ಭೇಟಿ ಮೇ 25ರವರೆಗೆ ವಿಸ್ತರಿಸಲಾಗಿದೆ ಸಮೀಕ್ಷಾ ಬ್ಲಾಕ್ ವ್ಯಾಪ್ತಿಯಲ್ಲಿ ವಿಶೇಷ ಶಿಬಿರ ಮೇ 26 ರಿಂದ 28 ಹಾಗೂ ಆನ್ ಲೈನ್ ಮೂಲಕ ಸ್ವಯಂ ಘೋಷಣೆ ಸಲ್ಲಿಕೆ ಮೇ 19 ರಿಂದ 28ರವರೆಗೆ ನಿಗದಿಪಡಿಸಲಾಗಿದೆ ಎಂದು ಜಿಲ್ಲಾಧಿಕಾರಿ ಡಾ.ಎಂ.ಆರ್.ರವಿ ಅವರು ಮಾಹಿತಿ ನೀಡಿದರು. ಜಿಲ್ಲಾಧಿಕಾರಿಗಳ ಸಭಾಂಗಣದಲ್ಲಿ ಶುಕ್ರವಾರ ಕರೆದ ಮಾಧ್ಯಮಗೋಷ್ಠಿಯಲ್ಲಿ ಮಾತನಾಡಿದ ಅವರು, ಅನೇಕ ಸಂಘಟನೆಗಳು ಮನೆ ಮನೆಗೆ ಭೇಟಿ ಜಾತಿ ಸಮೀಕ್ಷೆ ನಡೆಸಲು ಇನ್ನಷ್ಟು ಕಾಲಾವಕಾಶ ನೀಡಬೇಕೆಂದು ಕೋರಿದ ಹಿನ್ನೆಲೆಯಲ್ಲಿ ಅವಧಿ ವಿಸ್ತರಿಸಲಾಗಿದೆ ಎಂದರು. ಕೋಲಾರ ಜಿಲ್ಲೆಯಲ್ಲಿ ಒಟ್ಟು 304738 ಕುಟುಂಬಗಳ ಸಮೀಕ್ಷೆಯನ್ನು ದಾಖಲಿಸಲಾಗಿದ್ದು, ಇದರಲ್ಲಿ ಪರಿಶಿಷ್ಟ ಜಾತಿಯ ಕುಟುಂಬಗಳು 83371 ಮತ್ತು ಇತರೆ ಕುಟುಂಬಗಳು 221367 ಸಮೀಕ್ಷೆಯಾಗಿದ್ದು ಒಟ್ಟಾರೆ ಶೇ68.59% ರಷ್ಟು ಸಮೀಕ್ಷೆಯನ್ನು ಪೂರ್ಣಗೊಳಿಸಲಾಗಿದೆ. ಬಾಕಿ ಉಳಿದ 139532 ಕುಟುಂಬಗಳನ್ನು 25.05.2025 ಒಳಗೆ ಮನೆಮನೆ ಭೇಟಿ ಮಾಡಿ ಸಮೀಕ್ಷೆಯನ್ನು ಪೂರ್ಣಗೊಳಿಸಲಾಗುವುದು ಈ ಹಿಂದೆ ನಿಗದಿಪಡಿಸಲಾದ ವಿಶೇಷ ಶಿಬಿರದ ಅವಧಿಯನ್ನು ಸಹ ವಿಸ್ತರಿಸಿ ಮೇ ತಿಂಗಳ 26 ರಿಂದ 28 ರ ವರೆಗೂ ಮರು ನಿಗದಿ ಪಡಿಸಲಾಗಿದೆ. ಎಲ್ಲಾ ಸಮೀಕ್ಷಕರು ನಿಗದಿತ ಅವಧಿಯೊಳಗೆ ಸಮೀಕ್ಷೆಯನ್ನು ಪೂರ್ಣಗೊಳಿಸಲು ಸೂಚಿಸಲಾಗಿದೆ. ಪರಿಶಿಷ್ಟ ಜಾತಿ ಸಮುದಾಯದವರು ಸಮೀಕ್ಷೆಯಲ್ಲಿ ತಪ್ಪದೇ ಭಾಗವಹಿಸಿ ಸಹಕರಿಸಬೇಕು ಎಂದು ಜಿಲ್ಲಾಧಿಕಾರಿಗಳು ಮನವಿ ಮಾಡಿದರು.
